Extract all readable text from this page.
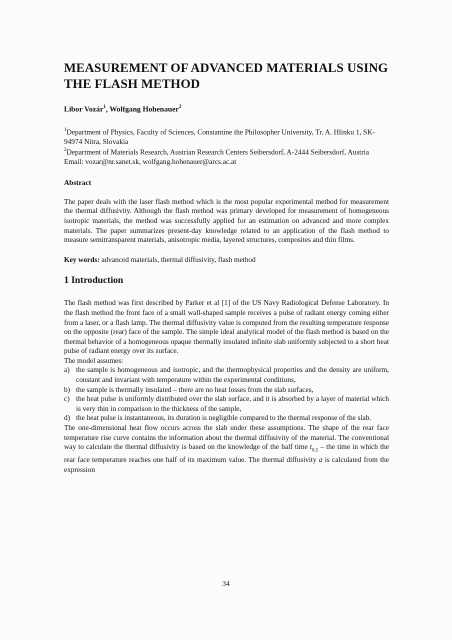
MEASUREMENT OF ADVANCED MATERIALS USING THE FLASH METHOD
Libor Vozár$^1$, Wolfgang Hohenauer$^2$

$^1$Department of Physics, Faculty of Sciences, Constantine the Philosopher University, Tr. A. Hlinku 1, SK-94974 Nitra, Slovakia

$^2$Department of Materials Research, Austrian Research Centers Seibersdorf, A-2444 Seibersdorf, Austria

Email: vozar@nr.sanet.sk, wolfgang.hohenauer@arcs.ac.at

Abstract

The paper deals with the laser flash method which is the most popular experimental method for measurement the thermal diffusivity. Although the flash method was primary developed for measurement of homogeneous isotropic materials, the method was successfully applied for an estimation on advanced and more complex materials. The paper summarizes present-day knowledge related to an application of the flash method to measure semitransparent materials, anisotropic media, layered structures, composites and thin films.

Key words: advanced materials, thermal diffusivity, flash method

1 Introduction

The flash method was first described by Parker et al [1] of the US Navy Radiological Defense Laboratory. In the flash method the front face of a small wall-shaped sample receives a pulse of radiant energy coming either from a laser, or a flash lamp. The thermal diffusivity value is computed from the resulting temperature response on the opposite (rear) face of the sample. The simple ideal analytical model of the flash method is based on the thermal behavior of a homogeneous opaque thermally insulated infinite slab uniformly subjected to a short heat pulse of radiant energy over its surface.

The model assumes:

a) the sample is homogeneous and isotropic, and the thermophysical properties and the density are uniform, constant and invariant with temperature within the experimental conditions,
b) the sample is thermally insulated – there are no heat losses from the slab surfaces,
c) the heat pulse is uniformly distributed over the slab surface, and it is absorbed by a layer of material which is very thin in comparison to the thickness of the sample,
d) the heat pulse is instantaneous, its duration is negligible compared to the thermal response of the slab.

The one-dimensional heat flow occurs across the slab under these assumptions. The shape of the rear face temperature rise curve contains the information about the thermal diffusivity of the material. The conventional way to calculate the thermal diffusivity is based on the knowledge of the half time $t_{0.5}$ – the time in which the rear face temperature reaches one half of its maximum value. The thermal diffusivity a is calculated from the expression

34
